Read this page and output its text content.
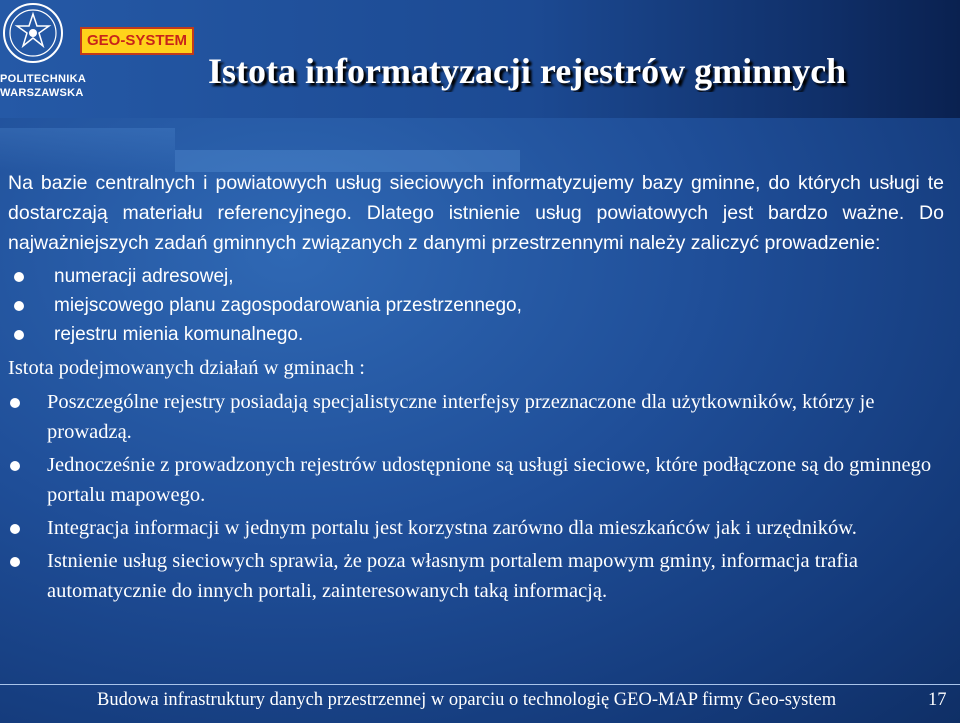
POLITECHNIKA
WARSZAWSKA
GEO-SYSTEM
Istota informatyzacji rejestrów gminnych

Na bazie centralnych i powiatowych usług sieciowych informatyzujemy bazy gminne, do których usługi te dostarczają materiału referencyjnego. Dlatego istnienie usług powiatowych jest bardzo ważne. Do najważniejszych zadań gminnych związanych z danymi przestrzennymi należy zaliczyć prowadzenie:

numeracji adresowej,
miejscowego planu zagospodarowania przestrzennego,
rejestru mienia komunalnego.

Istota podejmowanych działań w gminach :

Poszczególne rejestry posiadają specjalistyczne interfejsy przeznaczone dla użytkowników, którzy je prowadzą.
Jednocześnie z prowadzonych rejestrów udostępnione są usługi sieciowe, które podłączone są do gminnego portalu mapowego.
Integracja informacji w jednym portalu jest korzystna zarówno dla mieszkańców jak i urzędników.
Istnienie usług sieciowych sprawia, że poza własnym portalem mapowym gminy, informacja trafia automatycznie do innych portali, zainteresowanych taką informacją.
Budowa infrastruktury danych przestrzennej w oparciu o technologię GEO-MAP firmy Geo-system	17
